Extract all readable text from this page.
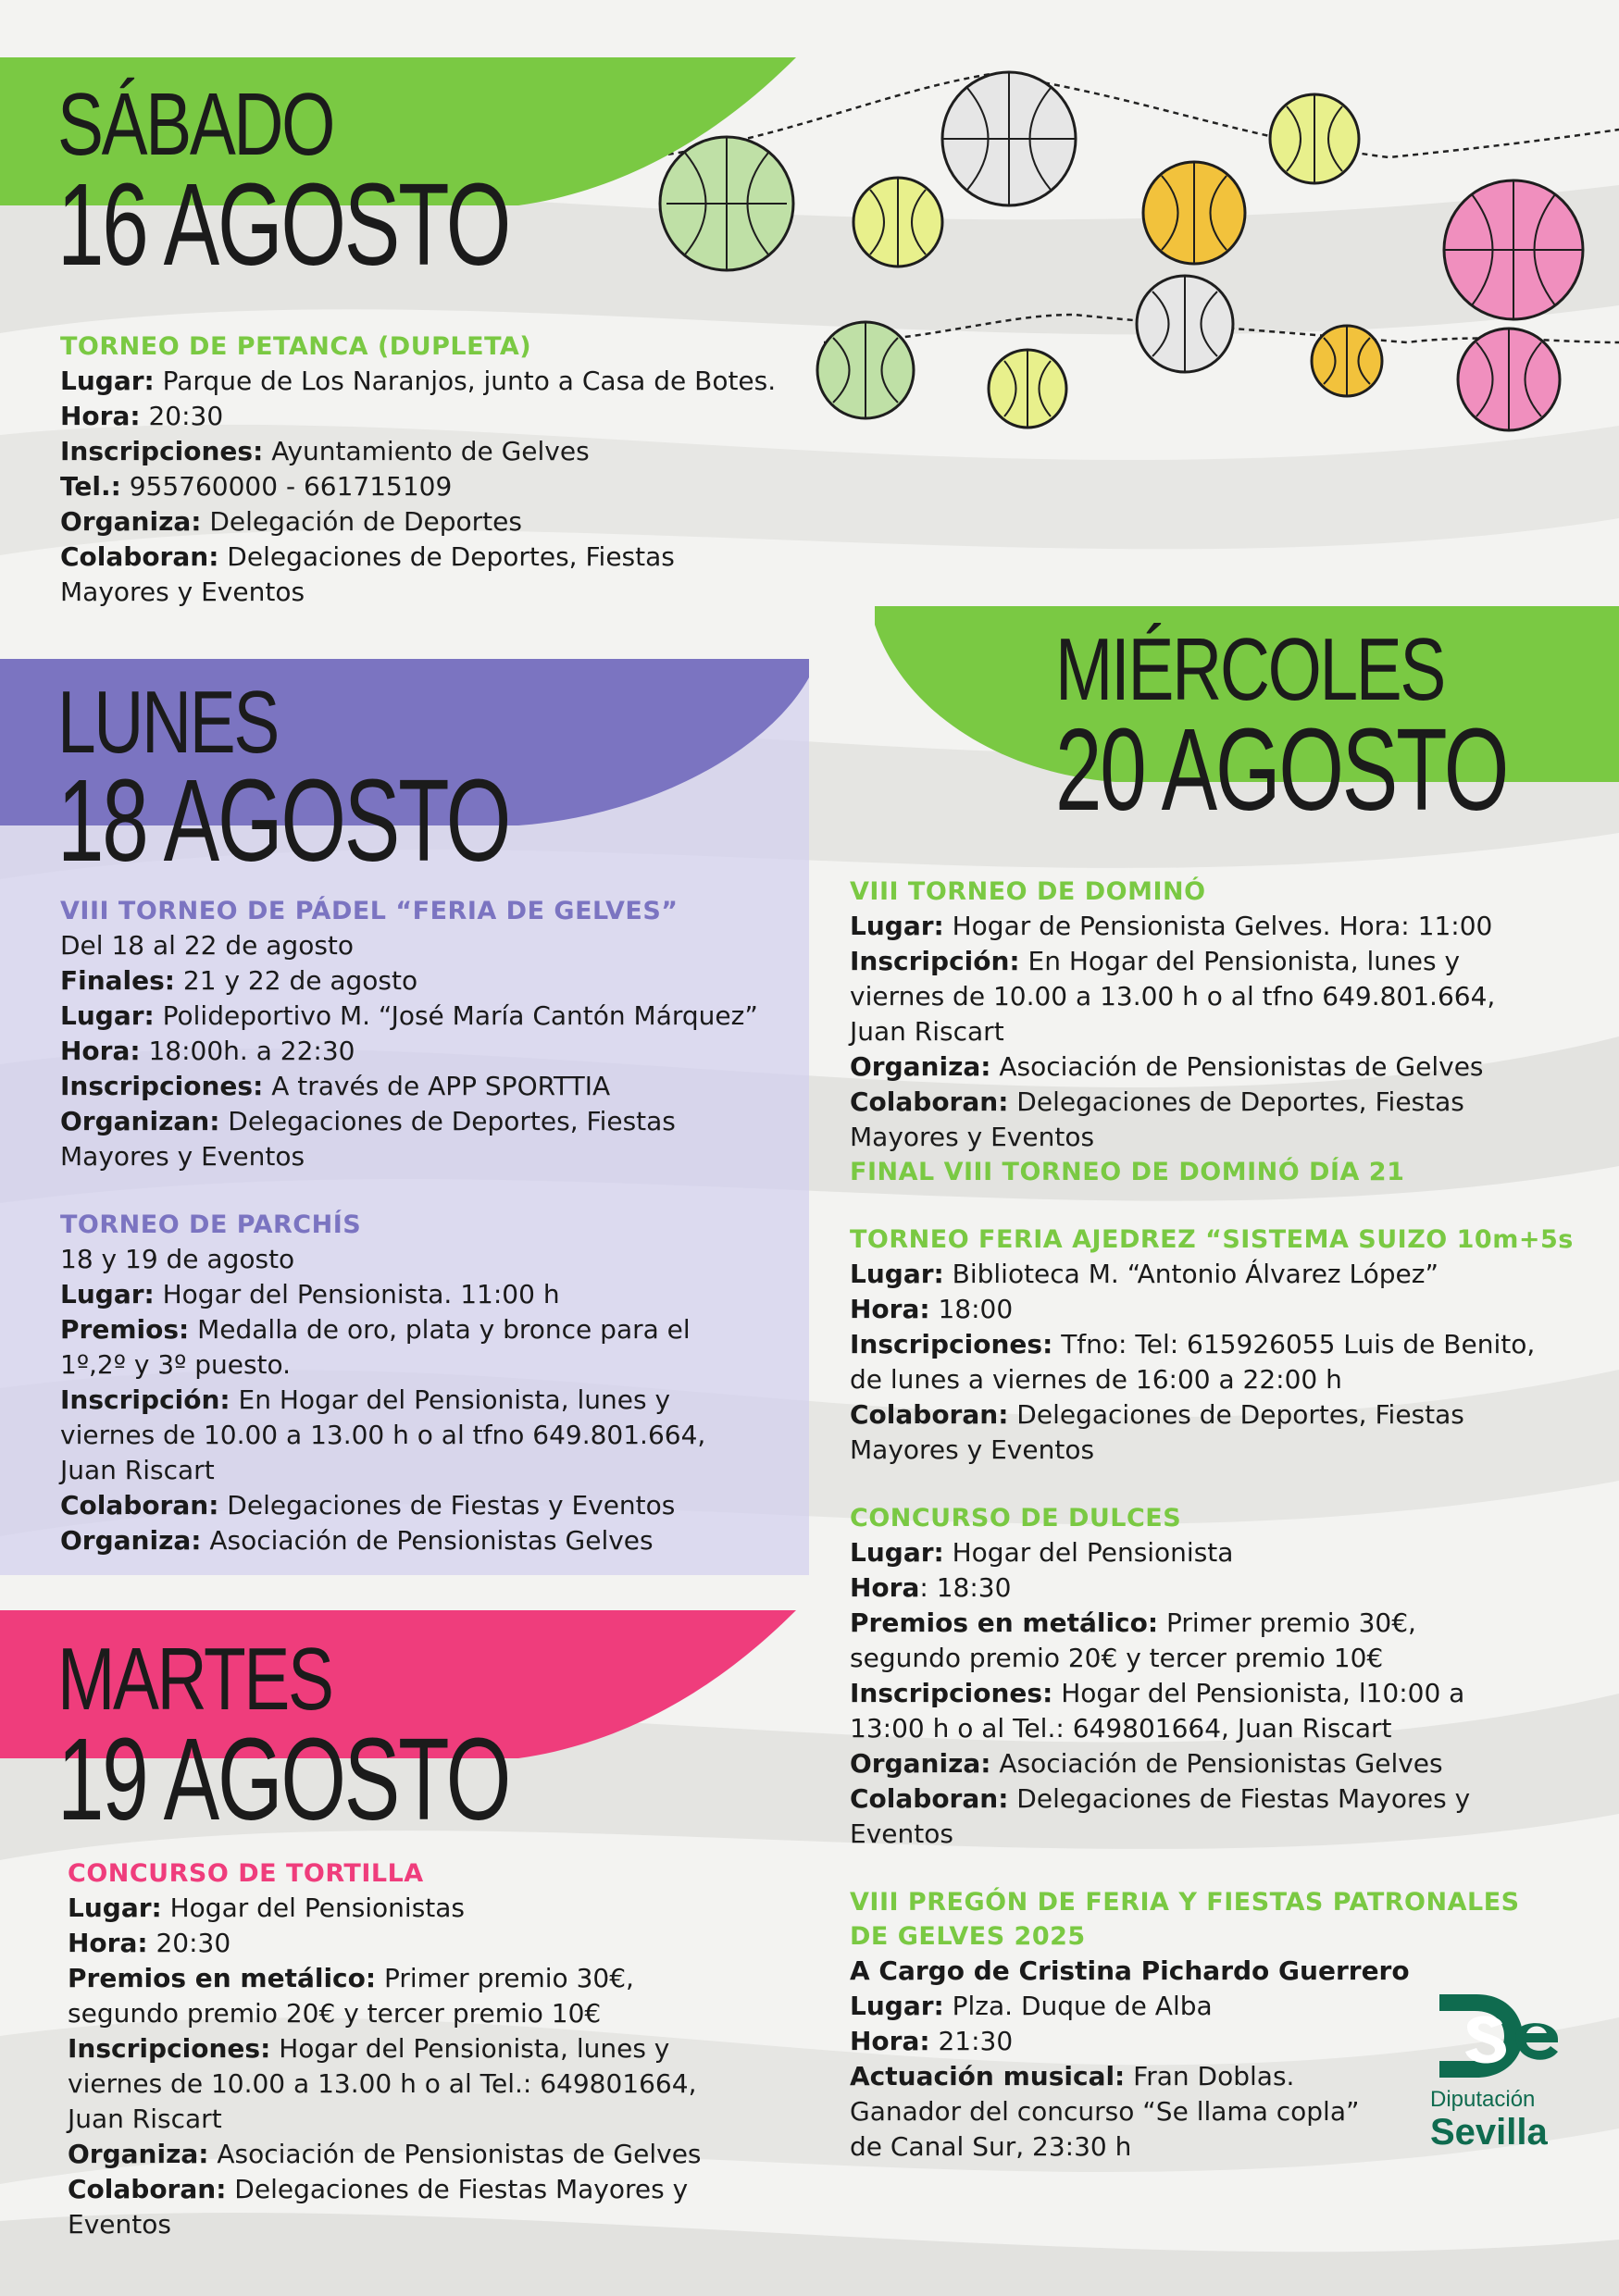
SÁBADO
16 AGOSTO
TORNEO DE PETANCA (DUPLETA)
Lugar: Parque de Los Naranjos, junto a Casa de Botes.
Hora: 20:30
Inscripciones: Ayuntamiento de Gelves
Tel.: 955760000 - 661715109
Organiza: Delegación de Deportes
Colaboran: Delegaciones de Deportes, Fiestas
Mayores y Eventos
LUNES
18 AGOSTO
VIII TORNEO DE PÁDEL “FERIA DE GELVES”
Del 18 al 22 de agosto
Finales: 21 y 22 de agosto
Lugar: Polideportivo M. “José María Cantón Márquez”
Hora: 18:00h. a 22:30
Inscripciones: A través de APP SPORTTIA
Organizan: Delegaciones de Deportes, Fiestas
Mayores y Eventos
TORNEO DE PARCHÍS
18 y 19 de agosto
Lugar: Hogar del Pensionista. 11:00 h
Premios: Medalla de oro, plata y bronce para el
1º,2º y 3º puesto.
Inscripción: En Hogar del Pensionista, lunes y
viernes de 10.00 a 13.00 h o al tfno 649.801.664,
Juan Riscart
Colaboran: Delegaciones de Fiestas y Eventos
Organiza: Asociación de Pensionistas Gelves
MARTES
19 AGOSTO
CONCURSO DE TORTILLA
Lugar: Hogar del Pensionistas
Hora: 20:30
Premios en metálico: Primer premio 30€,
segundo premio 20€ y tercer premio 10€
Inscripciones: Hogar del Pensionista, lunes y
viernes de 10.00 a 13.00 h o al Tel.: 649801664,
Juan Riscart
Organiza: Asociación de Pensionistas de Gelves
Colaboran: Delegaciones de Fiestas Mayores y
Eventos
MIÉRCOLES
20 AGOSTO
VIII TORNEO DE DOMINÓ
Lugar: Hogar de Pensionista Gelves. Hora: 11:00
Inscripción: En Hogar del Pensionista, lunes y
viernes de 10.00 a 13.00 h o al tfno 649.801.664,
Juan Riscart
Organiza: Asociación de Pensionistas de Gelves
Colaboran: Delegaciones de Deportes, Fiestas
Mayores y Eventos
FINAL VIII TORNEO DE DOMINÓ DÍA 21
TORNEO FERIA AJEDREZ “SISTEMA SUIZO 10m+5s
Lugar: Biblioteca M. “Antonio Álvarez López”
Hora: 18:00
Inscripciones: Tfno: Tel: 615926055 Luis de Benito,
de lunes a viernes de 16:00 a 22:00 h
Colaboran: Delegaciones de Deportes, Fiestas
Mayores y Eventos
CONCURSO DE DULCES
Lugar: Hogar del Pensionista
Hora: 18:30
Premios en metálico: Primer premio 30€,
segundo premio 20€ y tercer premio 10€
Inscripciones: Hogar del Pensionista, l10:00 a
13:00 h o al Tel.: 649801664, Juan Riscart
Organiza: Asociación de Pensionistas Gelves
Colaboran: Delegaciones de Fiestas Mayores y
Eventos
VIII PREGÓN DE FERIA Y FIESTAS PATRONALES
DE GELVES 2025
A Cargo de Cristina Pichardo Guerrero
Lugar: Plza. Duque de Alba
Hora: 21:30
Actuación musical: Fran Doblas.
Ganador del concurso “Se llama copla”
de Canal Sur, 23:30 h
Diputación
Sevilla
